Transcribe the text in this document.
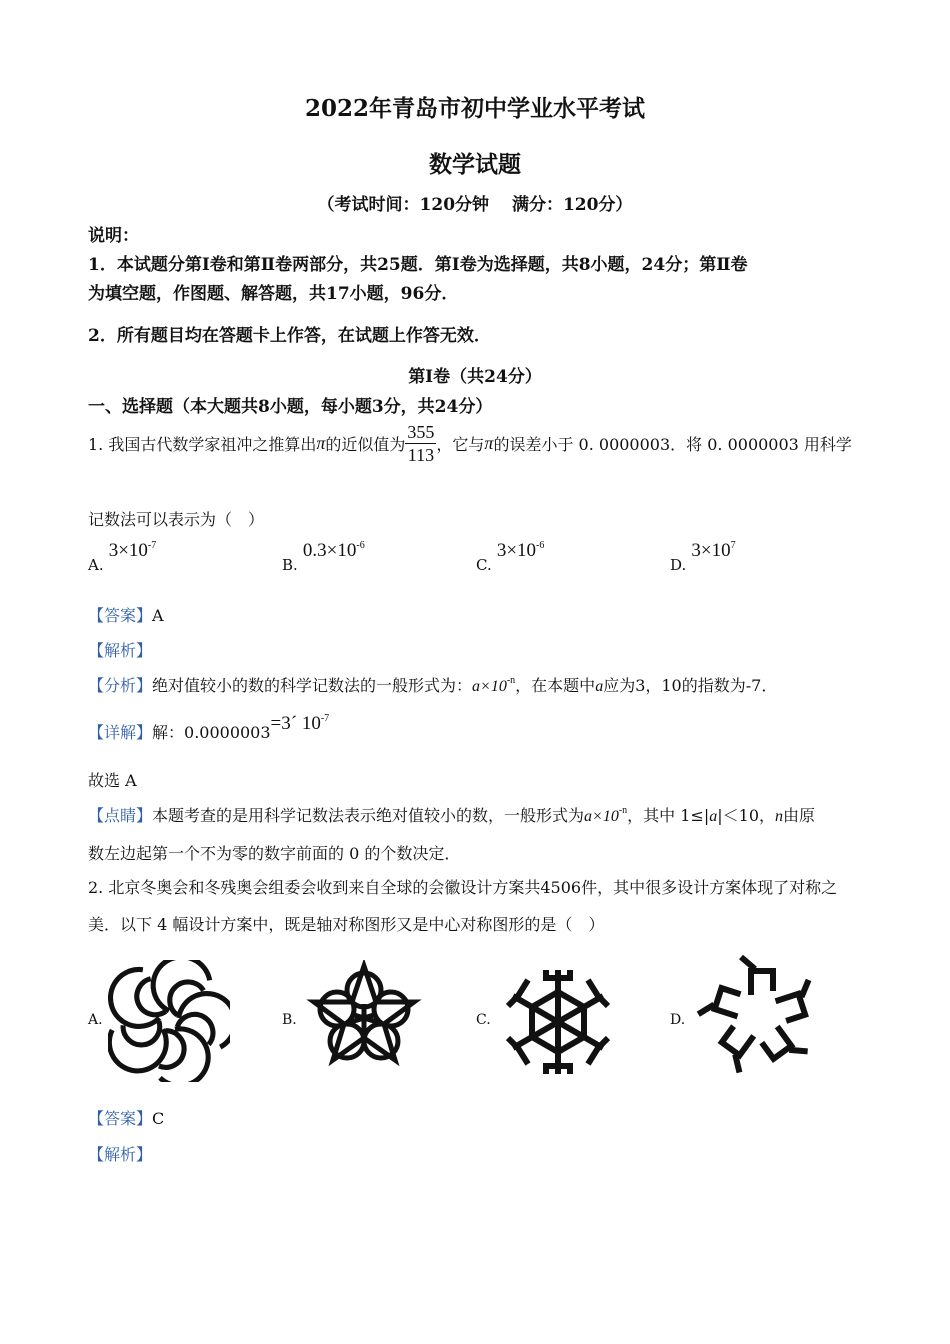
2022年青岛市初中学业水平考试
数学试题
（考试时间：120分钟　 满分：120分）
说明：
1．本试题分第Ⅰ卷和第Ⅱ卷两部分，共25题．第Ⅰ卷为选择题，共8小题，24分；第Ⅱ卷
为填空题，作图题、解答题，共17小题，96分．
2．所有题目均在答题卡上作答，在试题上作答无效．
第Ⅰ卷（共24分）
一、选择题（本大题共8小题，每小题3分，共24分）
1. 我国古代数学家祖冲之推算出 π 的近似值为 $\frac{355}{113}$ ，它与 π 的误差小于 0. 0000003．将 0. 0000003 用科学
记数法可以表示为（　）
A. $3\times 10^{-7}$
B. $0.3\times 10^{-6}$
C. $3\times 10^{-6}$
D. $3\times 10^7$
【答案】A
【解析】
【分析】绝对值较小的数的科学记数法的一般形式为：$a\times 10^{-n}$，在本题中a应为3，10的指数为-7．
【详解】解：0.0000003=3´ $10^{-7}$
故选 A
【点睛】本题考查的是用科学记数法表示绝对值较小的数，一般形式为$a\times 10^{-n}$，其中 1≤|a|＜10，n由原
数左边起第一个不为零的数字前面的 0 的个数决定．
2. 北京冬奥会和冬残奥会组委会收到来自全球的会徽设计方案共4506件，其中很多设计方案体现了对称之
美．以下 4 幅设计方案中，既是轴对称图形又是中心对称图形的是（　）
A.	B.	C.	D.
【答案】C
【解析】
